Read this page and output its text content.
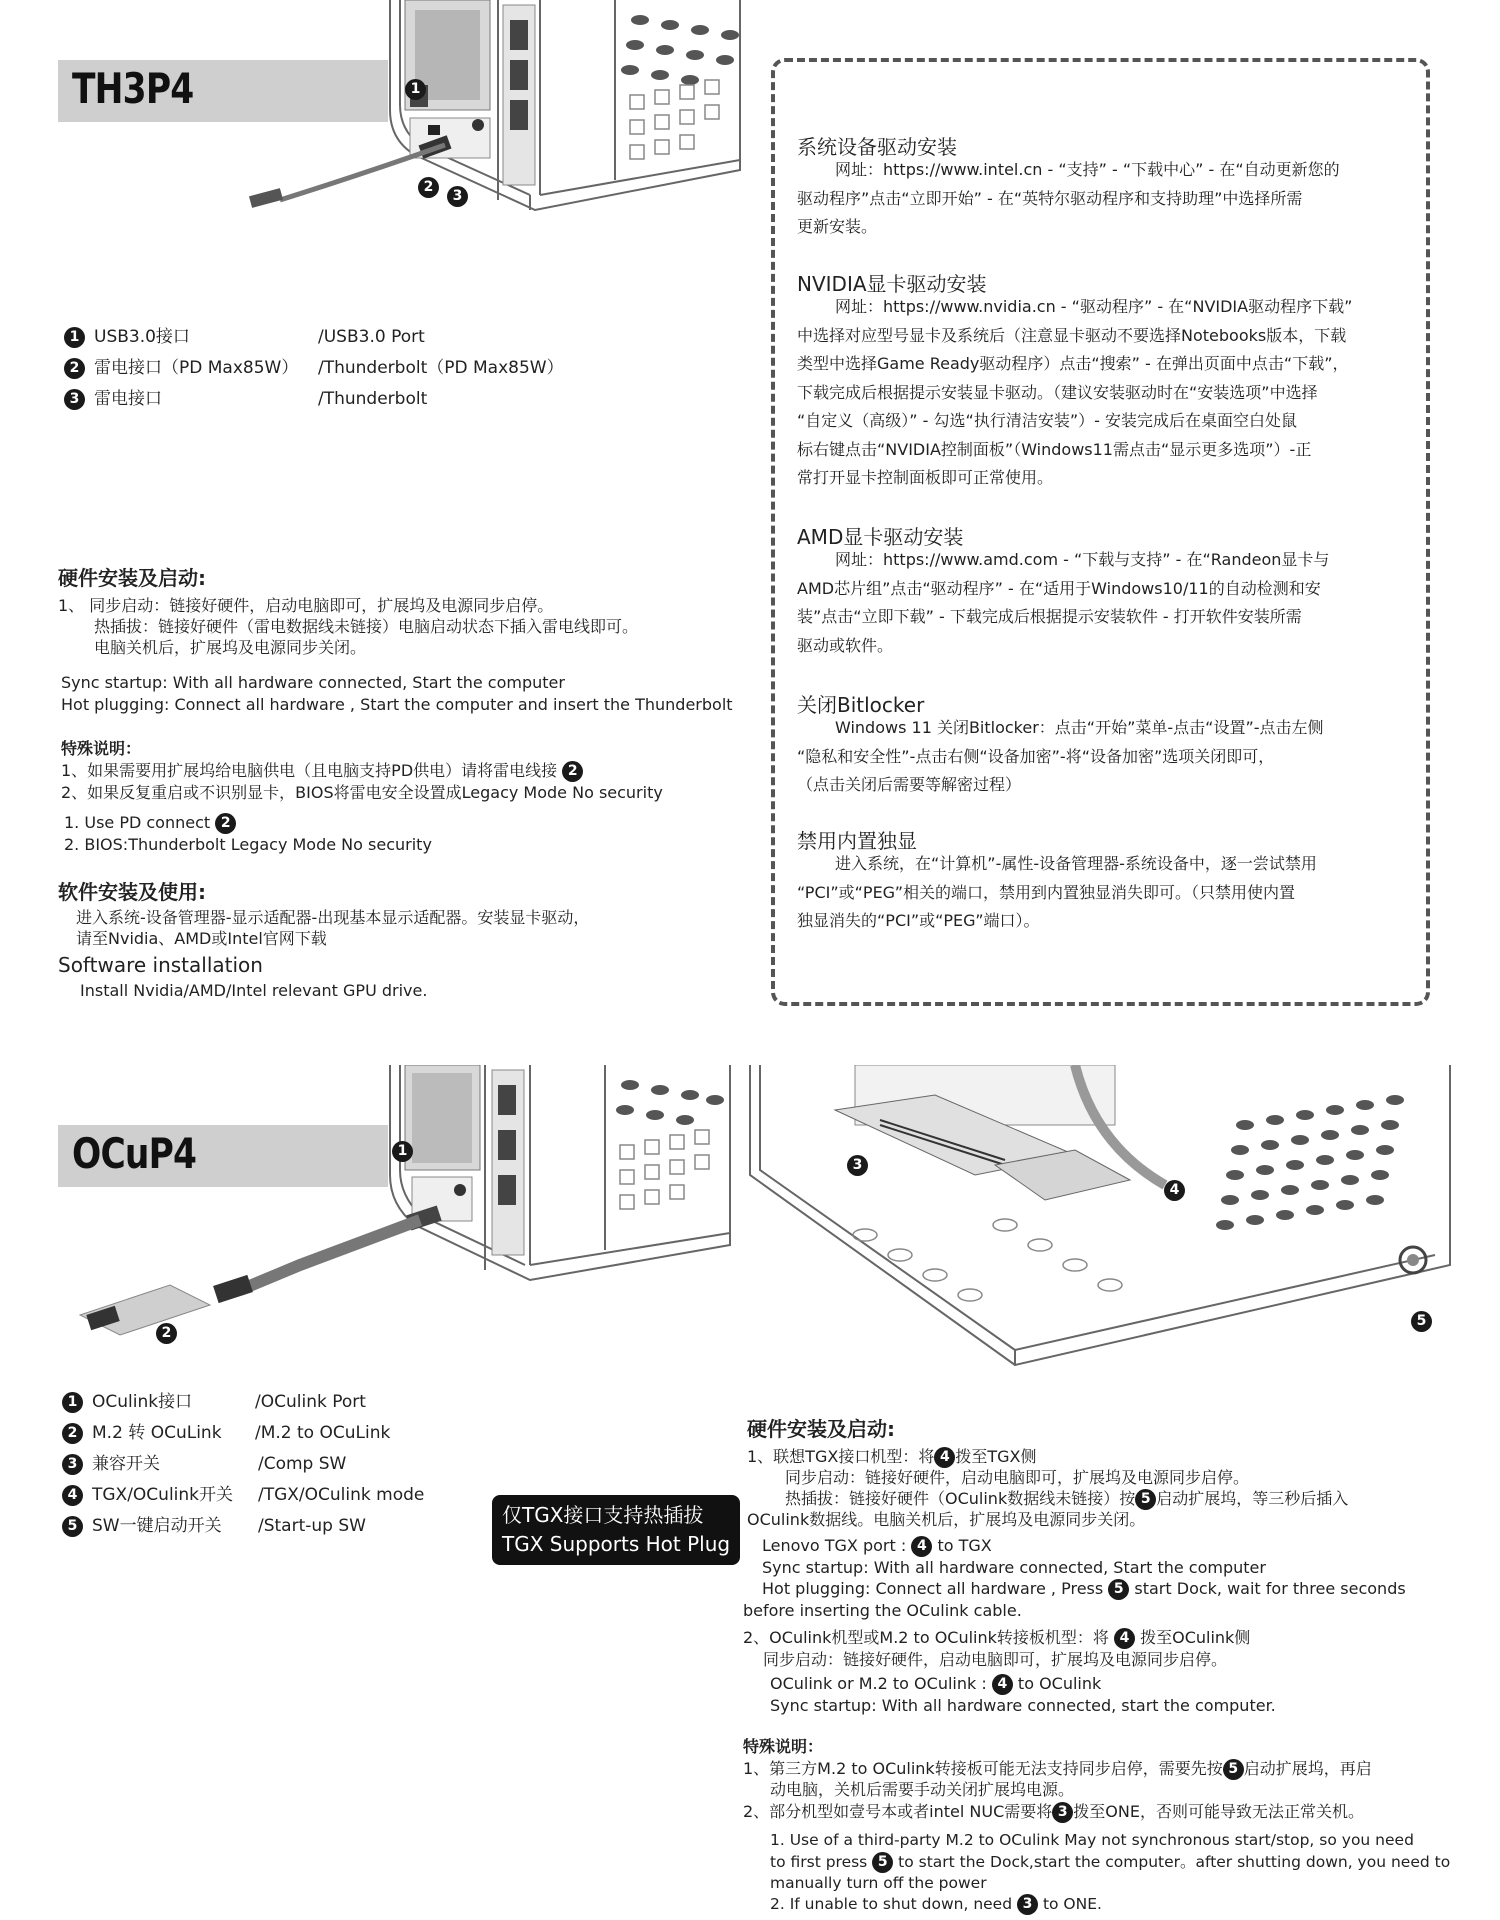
TH3P4	1
2
3
1 USB3.0接口	/USB3.0 Port
2 雷电接口（PD Max85W） /Thunderbolt（PD Max85W）
3 雷电接口	/Thunderbolt
硬件安装及启动:
1、 同步启动：链接好硬件，启动电脑即可，扩展坞及电源同步启停。
热插拔：链接好硬件（雷电数据线未链接）电脑启动状态下插入雷电线即可。
电脑关机后，扩展坞及电源同步关闭。
Sync startup: With all hardware connected, Start the computer
Hot plugging: Connect all hardware , Start the computer and insert the Thunderbolt
特殊说明：
1、如果需要用扩展坞给电脑供电（且电脑支持PD供电）请将雷电线接 2
2、如果反复重启或不识别显卡，BIOS将雷电安全设置成Legacy Mode No security
1. Use PD connect 2
2. BIOS:Thunderbolt Legacy Mode No security
软件安装及使用:
进入系统-设备管理器-显示适配器-出现基本显示适配器。安装显卡驱动，
请至Nvidia、AMD或Intel官网下载
Software installation
Install Nvidia/AMD/Intel relevant GPU drive.
系统设备驱动安装
网址：https://www.intel.cn - “支持” - “下载中心” - 在“自动更新您的
驱动程序”点击“立即开始” - 在“英特尔驱动程序和支持助理”中选择所需
更新安装。
NVIDIA显卡驱动安装
网址：https://www.nvidia.cn - “驱动程序” - 在“NVIDIA驱动程序下载”
中选择对应型号显卡及系统后（注意显卡驱动不要选择Notebooks版本，下载
类型中选择Game Ready驱动程序）点击“搜索” - 在弹出页面中点击“下载”，
下载完成后根据提示安装显卡驱动。（建议安装驱动时在“安装选项”中选择
“自定义（高级）” - 勾选“执行清洁安装”）- 安装完成后在桌面空白处鼠
标右键点击“NVIDIA控制面板”（Windows11需点击“显示更多选项”）-正
常打开显卡控制面板即可正常使用。
AMD显卡驱动安装
网址：https://www.amd.com - “下载与支持” - 在“Randeon显卡与
AMD芯片组”点击“驱动程序” - 在“适用于Windows10/11的自动检测和安
装”点击“立即下载” - 下载完成后根据提示安装软件 - 打开软件安装所需
驱动或软件。
关闭Bitlocker
Windows 11 关闭Bitlocker：点击“开始”菜单-点击“设置”-点击左侧
“隐私和安全性”-点击右侧“设备加密”-将“设备加密”选项关闭即可，
（点击关闭后需要等解密过程）
禁用内置独显
进入系统，在“计算机”-属性-设备管理器-系统设备中，逐一尝试禁用
“PCI”或“PEG”相关的端口，禁用到内置独显消失即可。（只禁用使内置
独显消失的“PCI”或“PEG”端口）。
OCuP4	1
2
3
4
5
1 OCulink接口	/OCulink Port
2 M.2 转 OCuLink /M.2 to OCuLink
3 兼容开关	/Comp SW
4 TGX/OCulink开关 /TGX/OCulink mode
5 SW一键启动开关 /Start-up SW	仅TGX接口支持热插拔
TGX Supports Hot Plug
硬件安装及启动:
1、联想TGX接口机型：将 4 拨至TGX侧
同步启动：链接好硬件，启动电脑即可，扩展坞及电源同步启停。
热插拔：链接好硬件（OCulink数据线未链接）按 5 启动扩展坞，等三秒后插入
OCulink数据线。电脑关机后，扩展坞及电源同步关闭。
Lenovo TGX port : 4 to TGX
Sync startup: With all hardware connected, Start the computer
Hot plugging: Connect all hardware , Press 5 start Dock, wait for three seconds
before inserting the OCulink cable.
2、OCulink机型或M.2 to OCulink转接板机型：将 4 拨至OCulink侧
同步启动：链接好硬件，启动电脑即可，扩展坞及电源同步启停。
OCulink or M.2 to OCulink : 4 to OCulink
Sync startup: With all hardware connected, start the computer.
特殊说明：
1、第三方M.2 to OCulink转接板可能无法支持同步启停，需要先按 5 启动扩展坞，再启
动电脑，关机后需要手动关闭扩展坞电源。
2、部分机型如壹号本或者intel NUC需要将 3 拨至ONE，否则可能导致无法正常关机。
1. Use of a third-party M.2 to OCulink May not synchronous start/stop, so you need
to first press 5 to start the Dock,start the computer。after shutting down, you need to
manually turn off the power
2. If unable to shut down, need 3 to ONE.
